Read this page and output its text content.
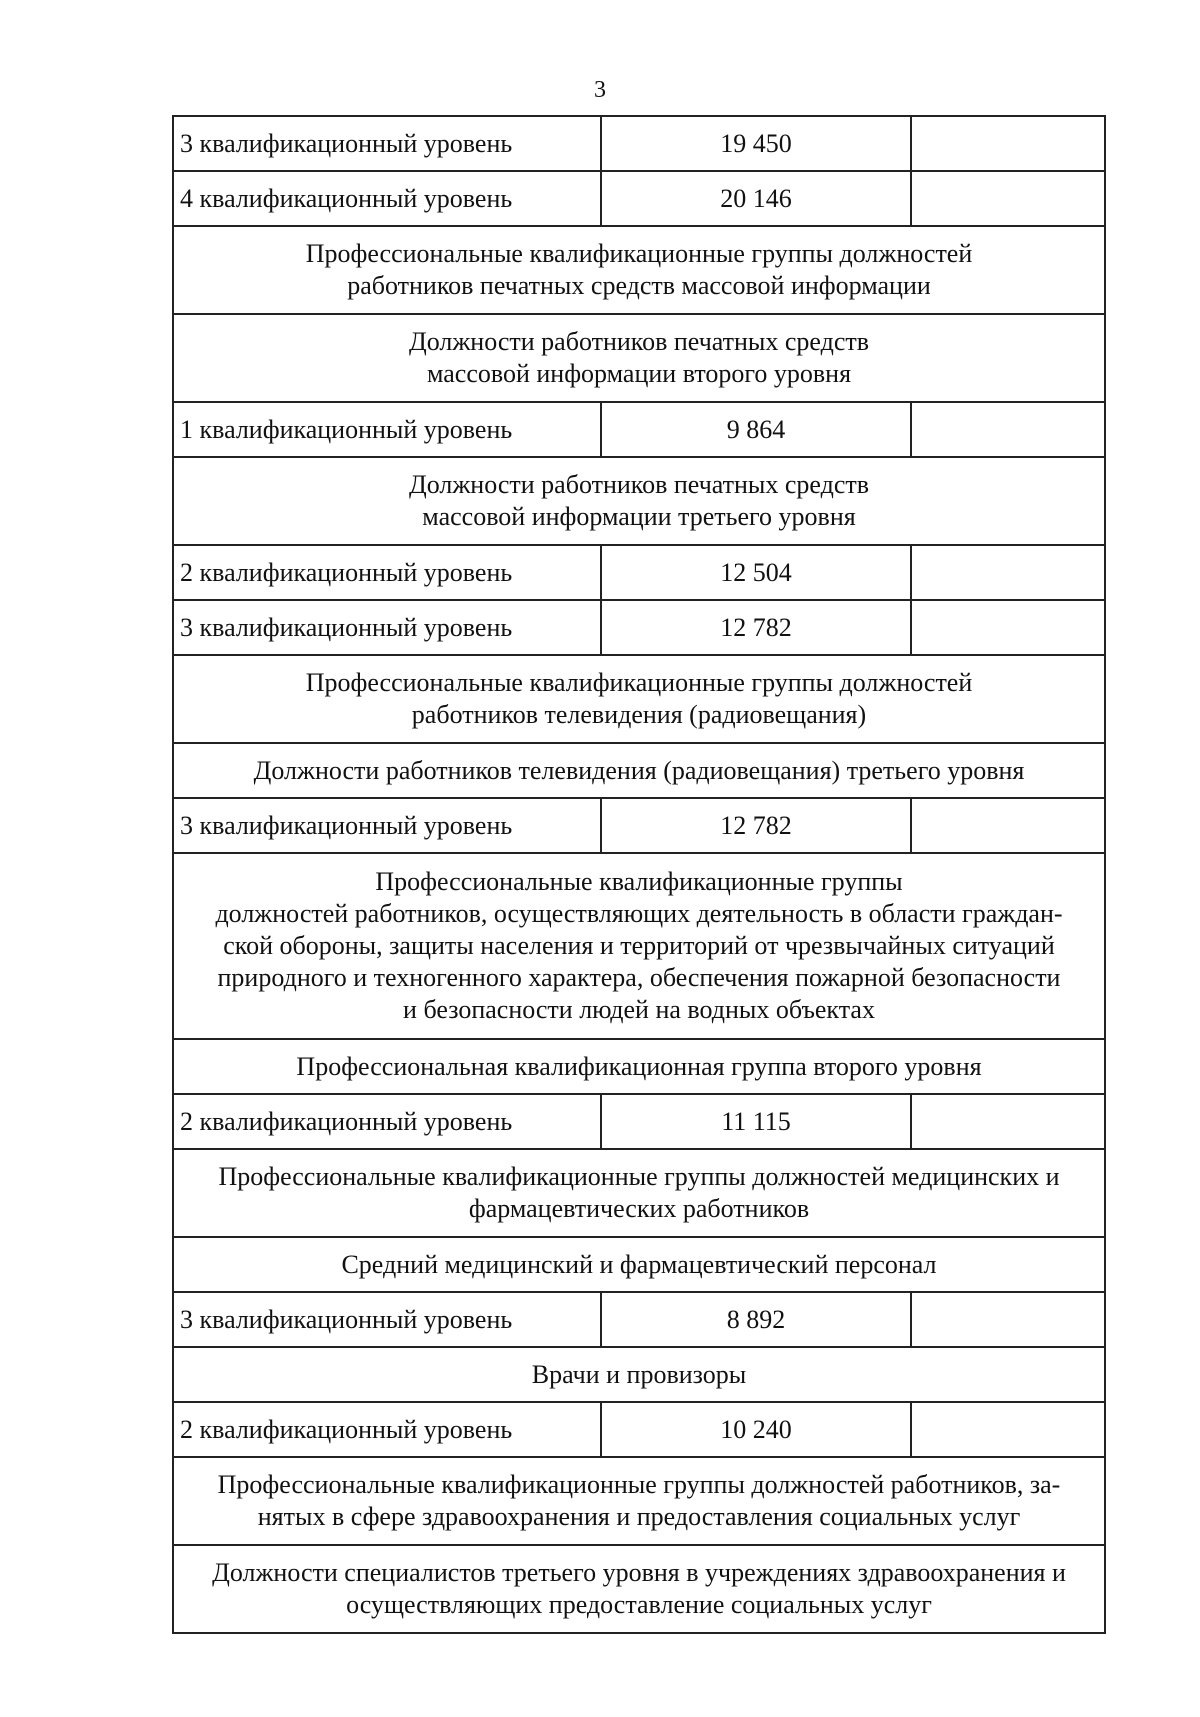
3
3 квалификационный уровень	19 450	
4 квалификационный уровень	20 146	
Профессиональные квалификационные группы должностей
работников печатных средств массовой информации		
Должности работников печатных средств
массовой информации второго уровня		
1 квалификационный уровень	9 864	
Должности работников печатных средств
массовой информации третьего уровня		
2 квалификационный уровень	12 504	
3 квалификационный уровень	12 782	
Профессиональные квалификационные группы должностей
работников телевидения (радиовещания)		
Должности работников телевидения (радиовещания) третьего уровня		
3 квалификационный уровень	12 782	
Профессиональные квалификационные группы
должностей работников, осуществляющих деятельность в области граждан-
ской обороны, защиты населения и территорий от чрезвычайных ситуаций
природного и техногенного характера, обеспечения пожарной безопасности
и безопасности людей на водных объектах		
Профессиональная квалификационная группа второго уровня		
2 квалификационный уровень	11 115	
Профессиональные квалификационные группы должностей медицинских и
фармацевтических работников		
Средний медицинский и фармацевтический персонал		
3 квалификационный уровень	8 892	
Врачи и провизоры		
2 квалификационный уровень	10 240	
Профессиональные квалификационные группы должностей работников, за-
нятых в сфере здравоохранения и предоставления социальных услуг		
Должности специалистов третьего уровня в учреждениях здравоохранения и
осуществляющих предоставление социальных услуг		
